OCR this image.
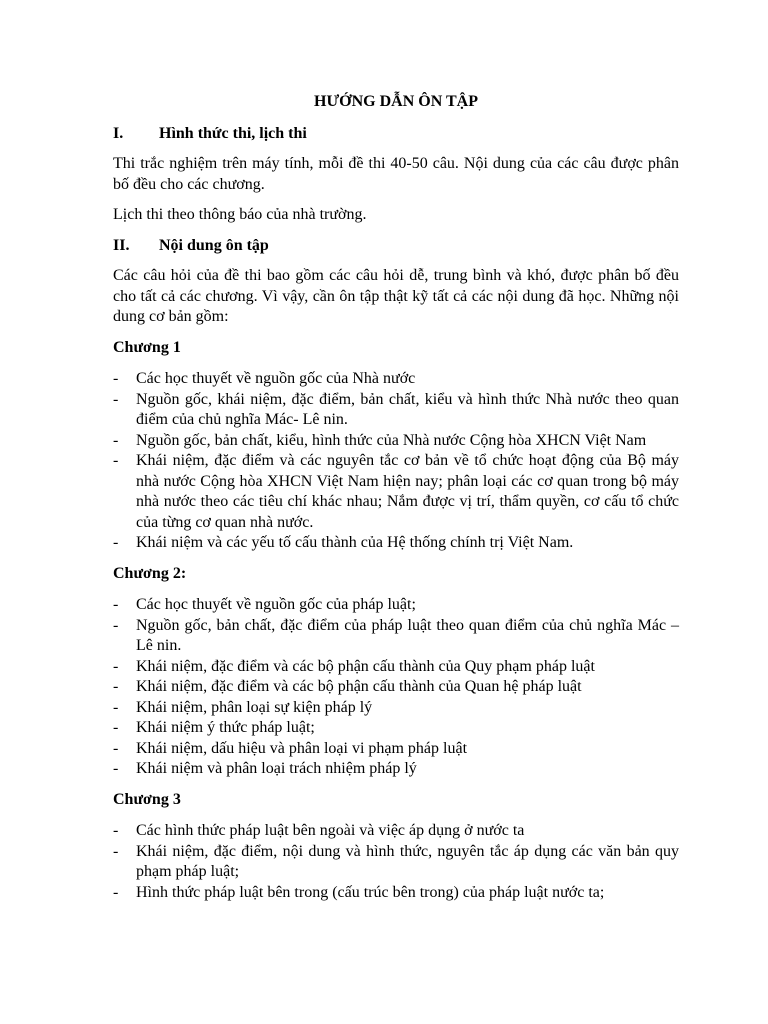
HƯỚNG DẪN ÔN TẬP
I.	Hình thức thi, lịch thi

Thi trắc nghiệm trên máy tính, mỗi đề thi 40-50 câu. Nội dung của các câu được phân bố đều cho các chương.

Lịch thi theo thông báo của nhà trường.

II.	Nội dung ôn tập

Các câu hỏi của đề thi bao gồm các câu hỏi dễ, trung bình và khó, được phân bố đều cho tất cả các chương. Vì vậy, cần ôn tập thật kỹ tất cả các nội dung đã học. Những nội dung cơ bản gồm:

Chương 1
-	Các học thuyết về nguồn gốc của Nhà nước
-	Nguồn gốc, khái niệm, đặc điểm, bản chất, kiểu và hình thức Nhà nước theo quan điểm của chủ nghĩa Mác- Lê nin.
-	Nguồn gốc, bản chất, kiểu, hình thức của Nhà nước Cộng hòa XHCN Việt Nam
-	Khái niệm, đặc điểm và các nguyên tắc cơ bản về tổ chức hoạt động của Bộ máy nhà nước Cộng hòa XHCN Việt Nam hiện nay; phân loại các cơ quan trong bộ máy nhà nước theo các tiêu chí khác nhau; Nắm được vị trí, thẩm quyền, cơ cấu tổ chức của từng cơ quan nhà nước.
-	Khái niệm và các yếu tố cấu thành của Hệ thống chính trị Việt Nam.
Chương 2:
-	Các học thuyết về nguồn gốc của pháp luật;
-	Nguồn gốc, bản chất, đặc điểm của pháp luật theo quan điểm của chủ nghĩa Mác – Lê nin.
-	Khái niệm, đặc điểm và các bộ phận cấu thành của Quy phạm pháp luật
-	Khái niệm, đặc điểm và các bộ phận cấu thành của Quan hệ pháp luật
-	Khái niệm, phân loại sự kiện pháp lý
-	Khái niệm ý thức pháp luật;
-	Khái niệm, dấu hiệu và phân loại vi phạm pháp luật
-	Khái niệm và phân loại trách nhiệm pháp lý
Chương 3
-	Các hình thức pháp luật bên ngoài và việc áp dụng ở nước ta
-	Khái niệm, đặc điểm, nội dung và hình thức, nguyên tắc áp dụng các văn bản quy phạm pháp luật;
-	Hình thức pháp luật bên trong (cấu trúc bên trong) của pháp luật nước ta;
